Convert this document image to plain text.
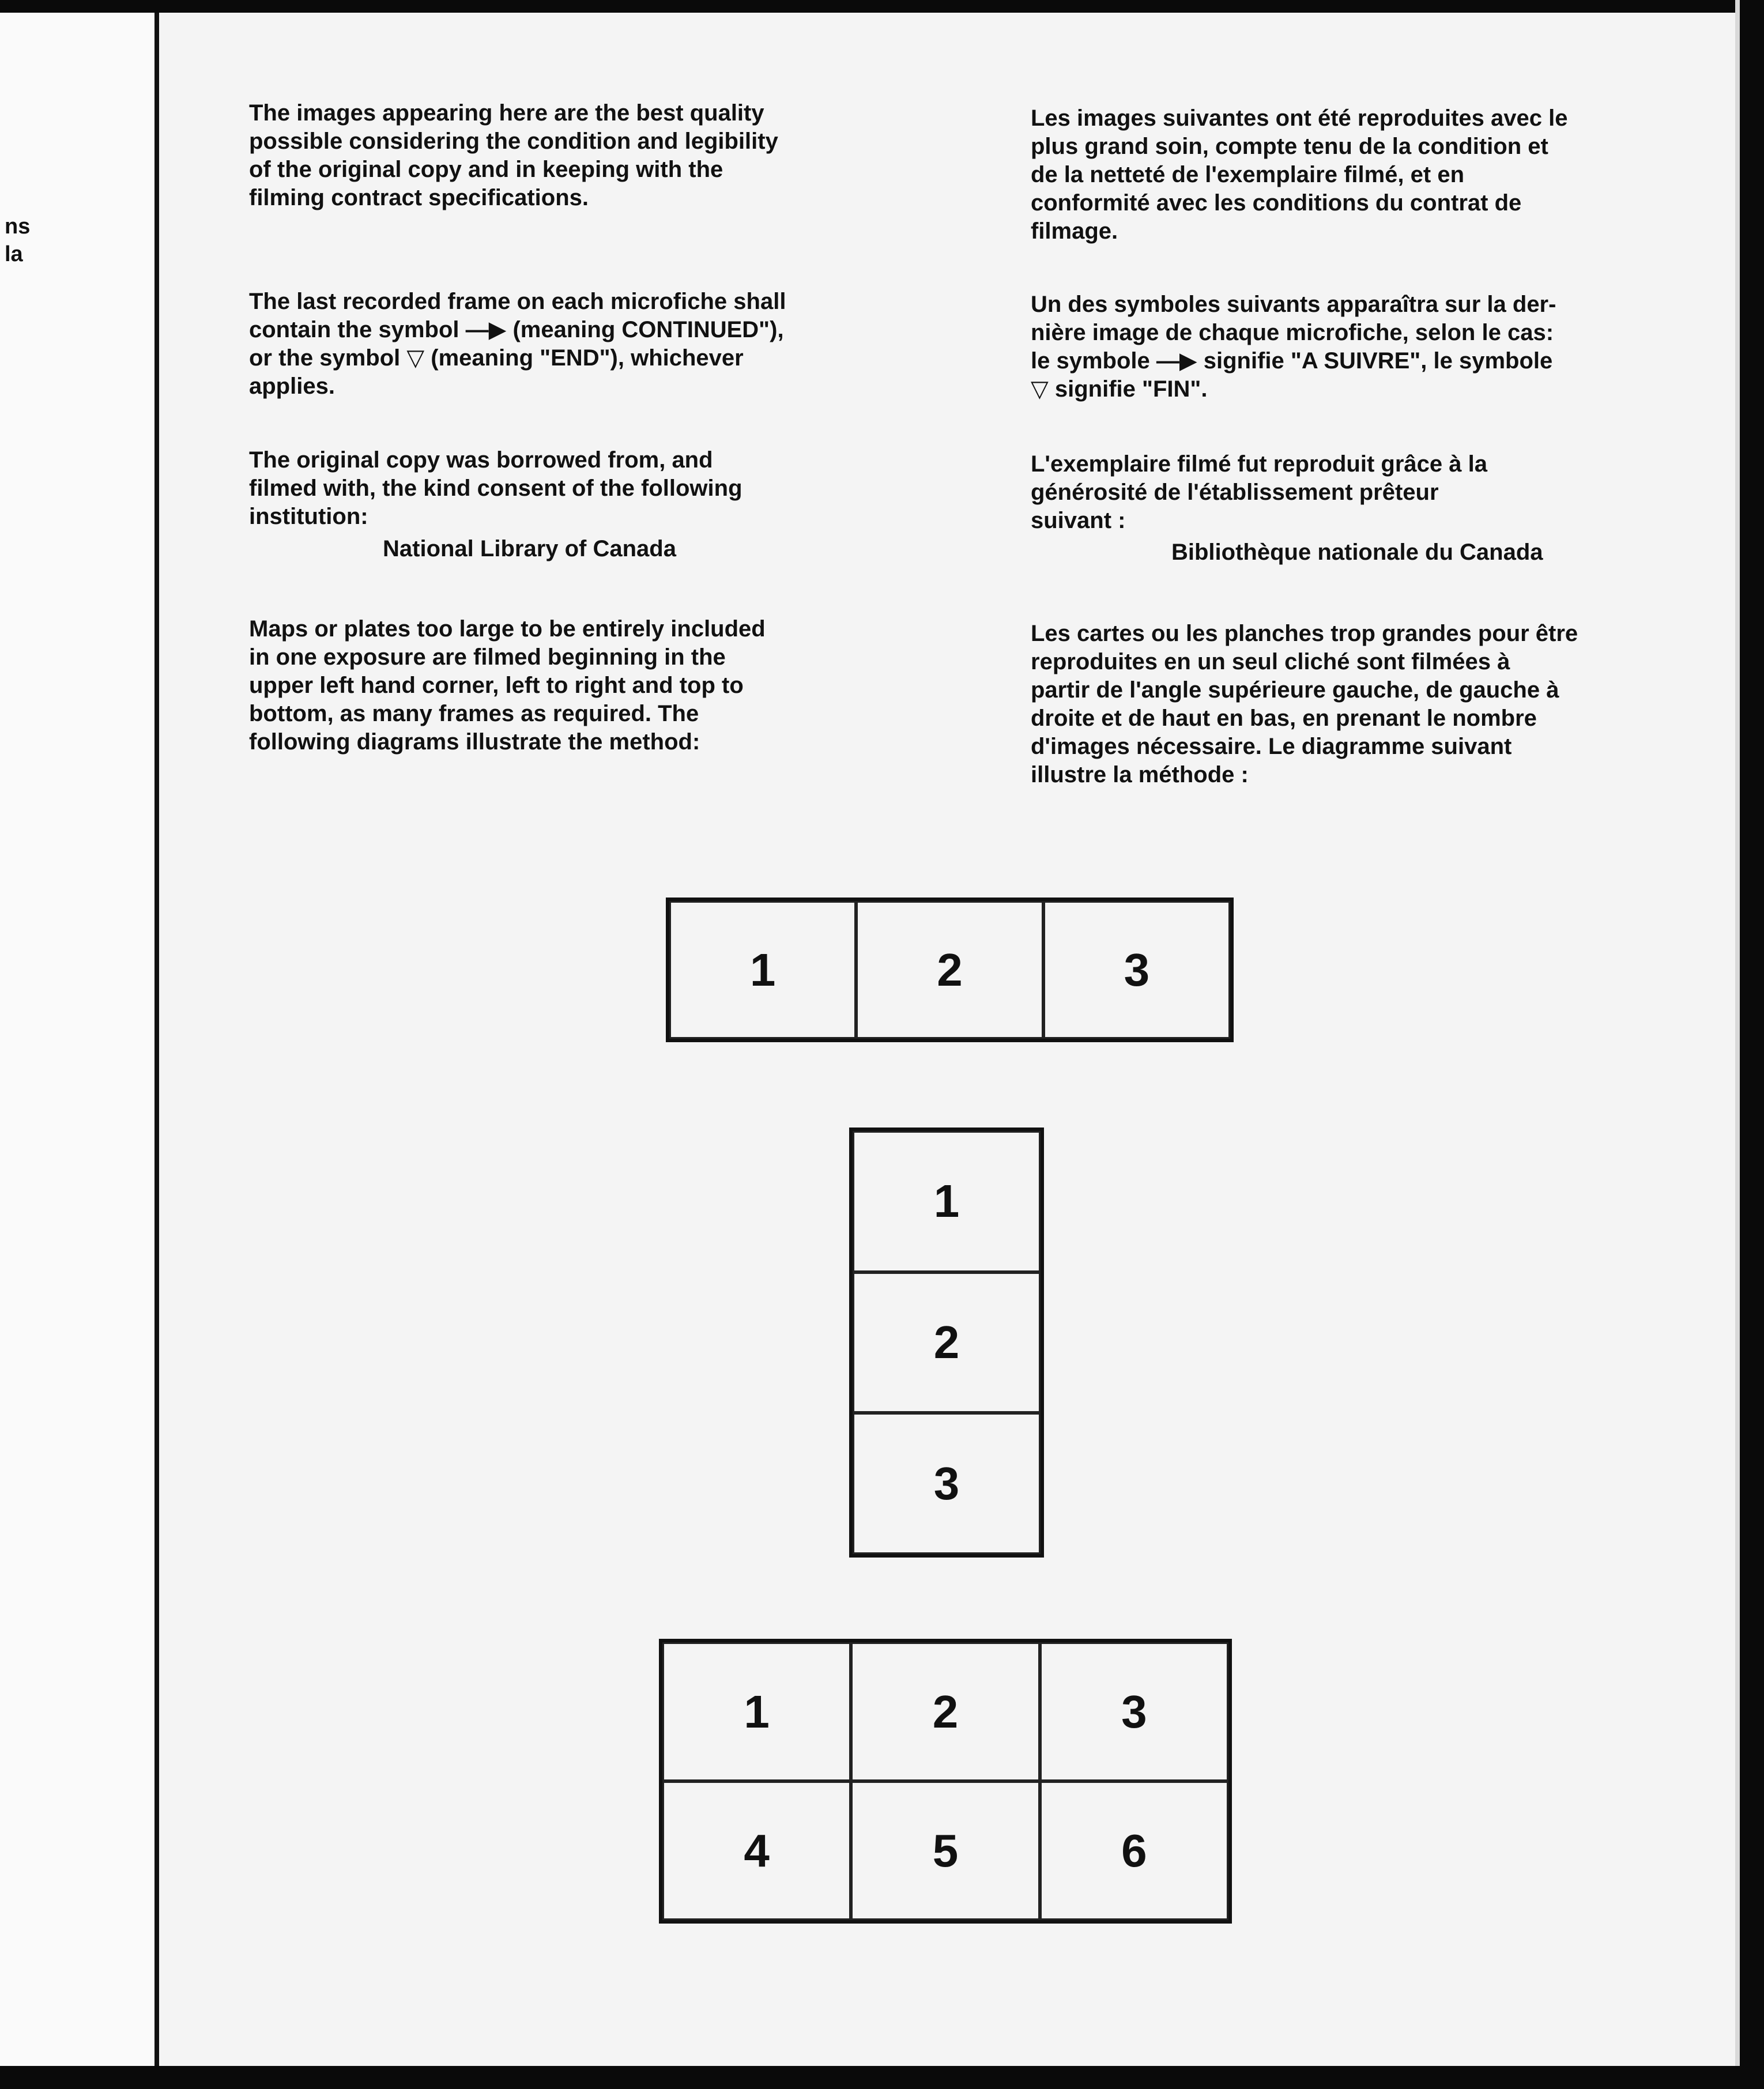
ns
la
The images appearing here are the best quality
possible considering the condition and legibility
of the original copy and in keeping with the
filming contract specifications.
The last recorded frame on each microfiche shall
contain the symbol —▶ (meaning CONTINUED"),
or the symbol ▽ (meaning "END"), whichever
applies.
The original copy was borrowed from, and
filmed with, the kind consent of the following
institution:
National Library of Canada
Maps or plates too large to be entirely included
in one exposure are filmed beginning in the
upper left hand corner, left to right and top to
bottom, as many frames as required. The
following diagrams illustrate the method:
Les images suivantes ont été reproduites avec le
plus grand soin, compte tenu de la condition et
de la netteté de l'exemplaire filmé, et en
conformité avec les conditions du contrat de
filmage.
Un des symboles suivants apparaîtra sur la der-
nière image de chaque microfiche, selon le cas:
le symbole —▶ signifie "A SUIVRE", le symbole
▽ signifie "FIN".
L'exemplaire filmé fut reproduit grâce à la
générosité de l'établissement prêteur
suivant :
Bibliothèque nationale du Canada
Les cartes ou les planches trop grandes pour être
reproduites en un seul cliché sont filmées à
partir de l'angle supérieure gauche, de gauche à
droite et de haut en bas, en prenant le nombre
d'images nécessaire. Le diagramme suivant
illustre la méthode :
1	2	3
1
2
3
1	2	3
4	5	6
